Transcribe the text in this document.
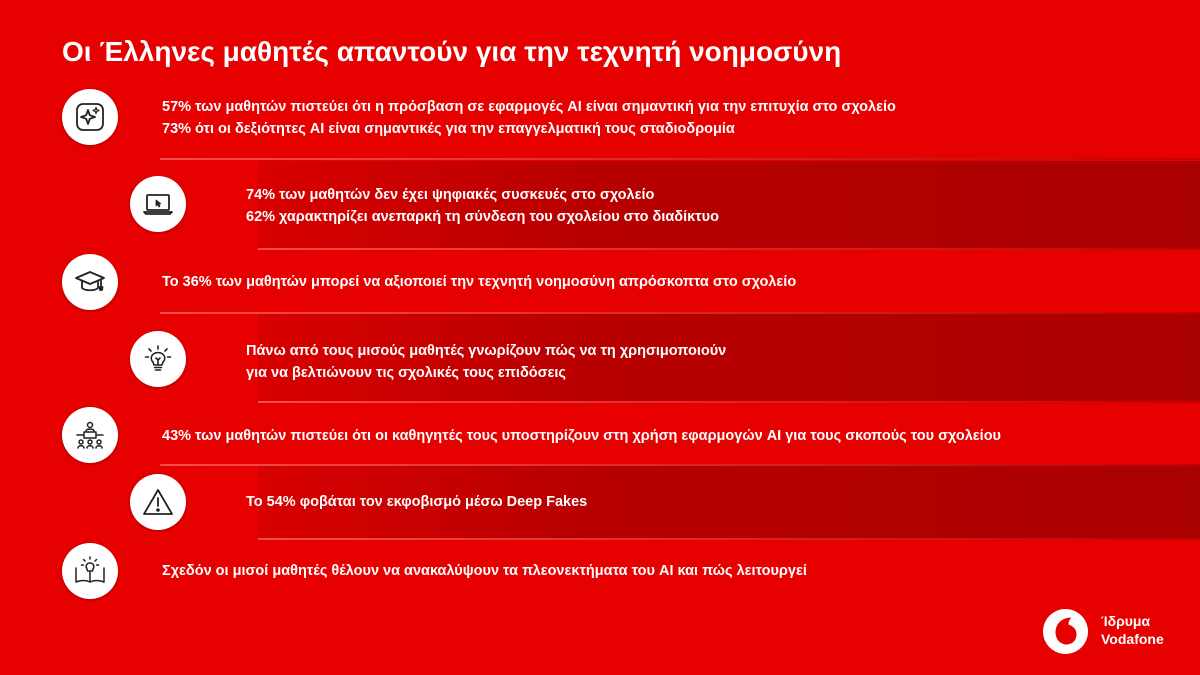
Οι Έλληνες μαθητές απαντούν για την τεχνητή νοημοσύνη
57% των μαθητών πιστεύει ότι η πρόσβαση σε εφαρμογές AI είναι σημαντική για την επιτυχία στο σχολείο
73% ότι οι δεξιότητες AI είναι σημαντικές για την επαγγελματική τους σταδιοδρομία
74% των μαθητών δεν έχει ψηφιακές συσκευές στο σχολείο
62% χαρακτηρίζει ανεπαρκή τη σύνδεση του σχολείου στο διαδίκτυο
Το 36% των μαθητών μπορεί να αξιοποιεί την τεχνητή νοημοσύνη απρόσκοπτα στο σχολείο
Πάνω από τους μισούς μαθητές γνωρίζουν πώς να τη χρησιμοποιούν
για να βελτιώνουν τις σχολικές τους επιδόσεις
43% των μαθητών πιστεύει ότι οι καθηγητές τους υποστηρίζουν στη χρήση εφαρμογών AI για τους σκοπούς του σχολείου
Το 54% φοβάται τον εκφοβισμό μέσω Deep Fakes
Σχεδόν οι μισοί μαθητές θέλουν να ανακαλύψουν τα πλεονεκτήματα του AI και πώς λειτουργεί
Ίδρυμα
Vodafone
